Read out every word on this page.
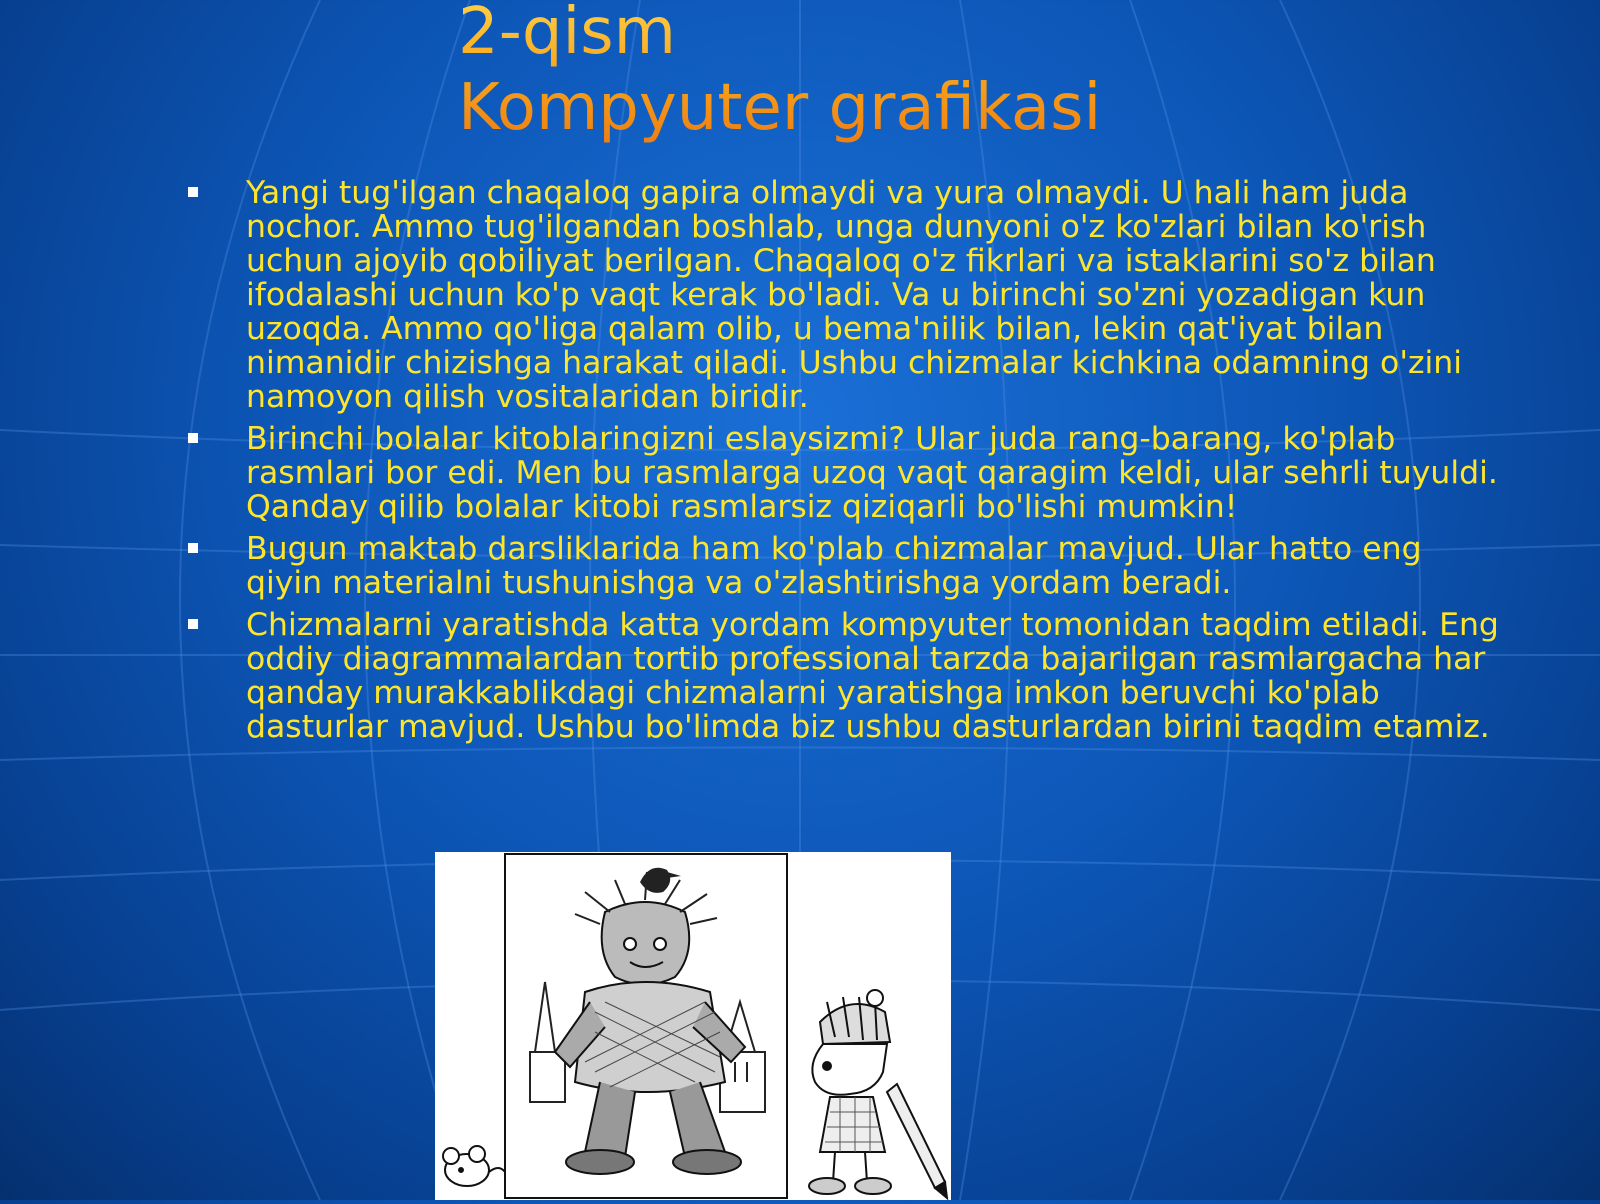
2-qism
Kompyuter grafikasi
Yangi tug'ilgan chaqaloq gapira olmaydi va yura olmaydi. U hali ham juda nochor. Ammo tug'ilgandan boshlab, unga dunyoni o'z ko'zlari bilan ko'rish uchun ajoyib qobiliyat berilgan. Chaqaloq o'z fikrlari va istaklarini so'z bilan ifodalashi uchun ko'p vaqt kerak bo'ladi. Va u birinchi so'zni yozadigan kun uzoqda. Ammo qo'liga qalam olib, u bema'nilik bilan, lekin qat'iyat bilan nimanidir chizishga harakat qiladi. Ushbu chizmalar kichkina odamning o'zini namoyon qilish vositalaridan biridir.
Birinchi bolalar kitoblaringizni eslaysizmi? Ular juda rang-barang, ko'plab rasmlari bor edi. Men bu rasmlarga uzoq vaqt qaragim keldi, ular sehrli tuyuldi. Qanday qilib bolalar kitobi rasmlarsiz qiziqarli bo'lishi mumkin!
Bugun maktab darsliklarida ham ko'plab chizmalar mavjud. Ular hatto eng qiyin materialni tushunishga va o'zlashtirishga yordam beradi.
Chizmalarni yaratishda katta yordam kompyuter tomonidan taqdim etiladi. Eng oddiy diagrammalardan tortib professional tarzda bajarilgan rasmlargacha har qanday murakkablikdagi chizmalarni yaratishga imkon beruvchi ko'plab dasturlar mavjud. Ushbu bo'limda biz ushbu dasturlardan birini taqdim etamiz.
